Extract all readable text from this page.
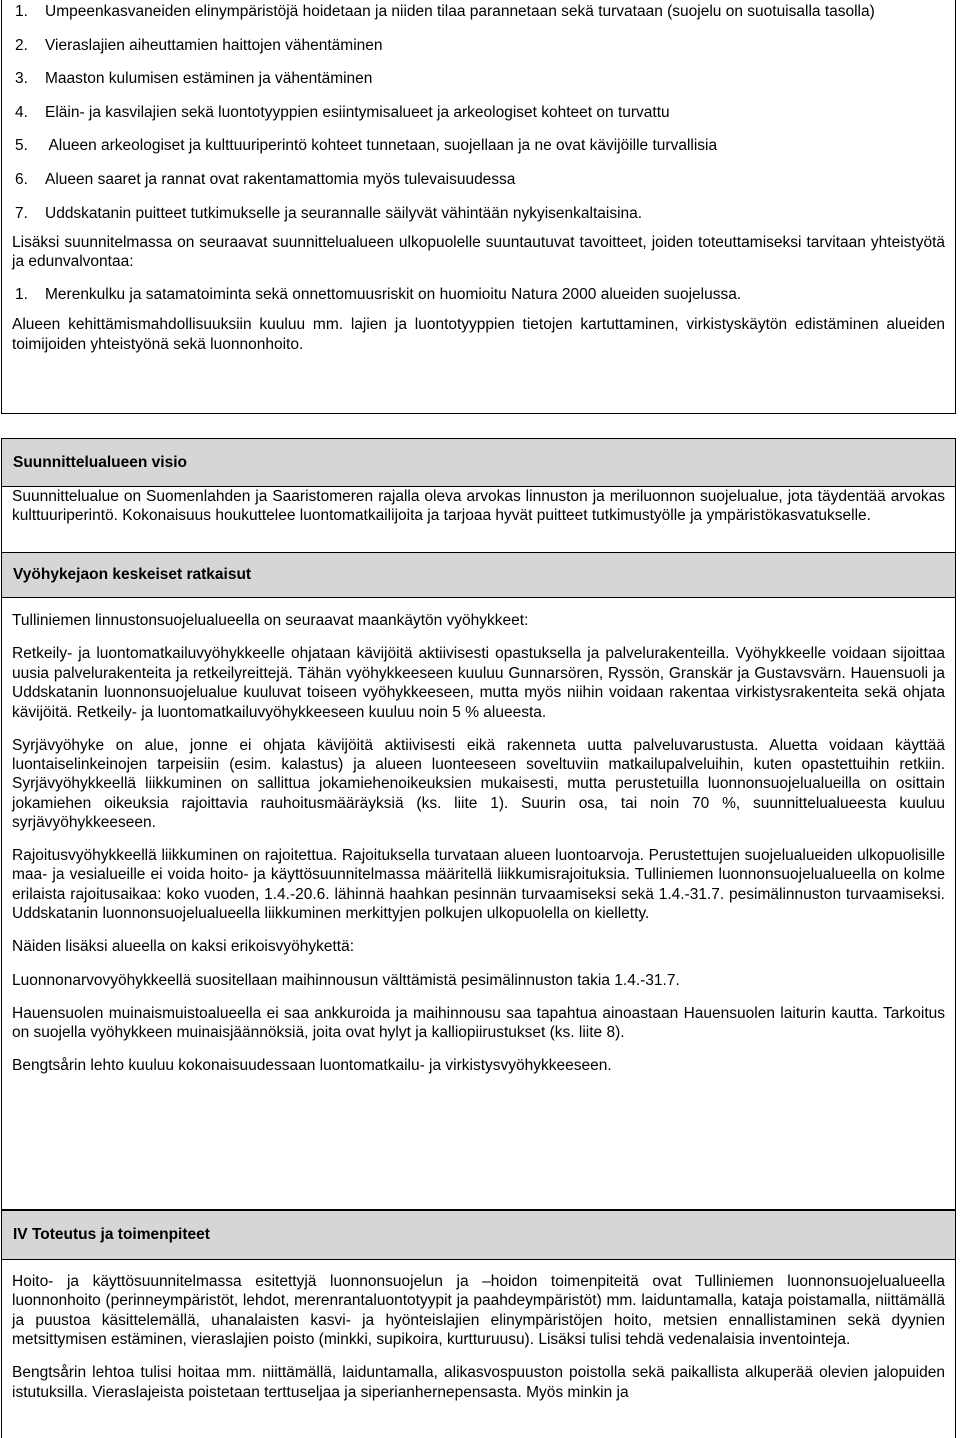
1.	Umpeenkasvaneiden elinympäristöjä hoidetaan ja niiden tilaa parannetaan sekä turvataan (suojelu on suotuisalla tasolla)
2.	Vieraslajien aiheuttamien haittojen vähentäminen
3.	Maaston kulumisen estäminen ja vähentäminen
4.	Eläin- ja kasvilajien sekä luontotyyppien esiintymisalueet ja arkeologiset kohteet on turvattu
5.	Alueen arkeologiset ja kulttuuriperintö kohteet tunnetaan, suojellaan ja ne ovat kävijöille turvallisia
6.	Alueen saaret ja rannat ovat rakentamattomia myös tulevaisuudessa
7.	Uddskatanin puitteet tutkimukselle ja seurannalle säilyvät vähintään nykyisenkaltaisina.

Lisäksi suunnitelmassa on seuraavat suunnittelualueen ulkopuolelle suuntautuvat tavoitteet, joiden toteuttamiseksi tarvitaan yhteistyötä ja edunvalvontaa:

1.	Merenkulku ja satamatoiminta sekä onnettomuusriskit on huomioitu Natura 2000 alueiden suojelussa.

Alueen kehittämismahdollisuuksiin kuuluu mm. lajien ja luontotyyppien tietojen kartuttaminen, virkistyskäytön edistäminen alueiden toimijoiden yhteistyönä sekä luonnonhoito.

Suunnittelualueen visio

Suunnittelualue on Suomenlahden ja Saaristomeren rajalla oleva arvokas linnuston ja meriluonnon suojelualue, jota täydentää arvokas kulttuuriperintö. Kokonaisuus houkuttelee luontomatkailijoita ja tarjoaa hyvät puitteet tutkimustyölle ja ympäristökasvatukselle.

Vyöhykejaon keskeiset ratkaisut

Tulliniemen linnustonsuojelualueella on seuraavat maankäytön vyöhykkeet:

Retkeily- ja luontomatkailuvyöhykkeelle ohjataan kävijöitä aktiivisesti opastuksella ja palvelurakenteilla. Vyöhykkeelle voidaan sijoittaa uusia palvelurakenteita ja retkeilyreittejä. Tähän vyöhykkeeseen kuuluu Gunnarsören, Ryssön, Granskär ja Gustavsvärn. Hauensuoli ja Uddskatanin luonnonsuojelualue kuuluvat toiseen vyöhykkeeseen, mutta myös niihin voidaan rakentaa virkistysrakenteita sekä ohjata kävijöitä. Retkeily- ja luontomatkailuvyöhykkeeseen kuuluu noin 5 % alueesta.

Syrjävyöhyke on alue, jonne ei ohjata kävijöitä aktiivisesti eikä rakenneta uutta palveluvarustusta. Aluetta voidaan käyttää luontaiselinkeinojen tarpeisiin (esim. kalastus) ja alueen luonteeseen soveltuviin matkailupalveluihin, kuten opastettuihin retkiin. Syrjävyöhykkeellä liikkuminen on sallittua jokamiehenoikeuksien mukaisesti, mutta perustetuilla luonnonsuojelualueilla on osittain jokamiehen oikeuksia rajoittavia rauhoitusmääräyksiä (ks. liite 1). Suurin osa, tai noin 70 %, suunnittelualueesta kuuluu syrjävyöhykkeeseen.

Rajoitusvyöhykkeellä liikkuminen on rajoitettua. Rajoituksella turvataan alueen luontoarvoja. Perustettujen suojelualueiden ulkopuolisille maa- ja vesialueille ei voida hoito- ja käyttösuunnitelmassa määritellä liikkumisrajoituksia. Tulliniemen luonnonsuojelualueella on kolme erilaista rajoitusaikaa: koko vuoden, 1.4.-20.6. lähinnä haahkan pesinnän turvaamiseksi sekä 1.4.-31.7. pesimälinnuston turvaamiseksi. Uddskatanin luonnonsuojelualueella liikkuminen merkittyjen polkujen ulkopuolella on kielletty.

Näiden lisäksi alueella on kaksi erikoisvyöhykettä:

Luonnonarvovyöhykkeellä suositellaan maihinnousun välttämistä pesimälinnuston takia 1.4.-31.7.

Hauensuolen muinaismuistoalueella ei saa ankkuroida ja maihinnousu saa tapahtua ainoastaan Hauensuolen laiturin kautta. Tarkoitus on suojella vyöhykkeen muinaisjäännöksiä, joita ovat hylyt ja kalliopiirustukset (ks. liite 8).

Bengtsårin lehto kuuluu kokonaisuudessaan luontomatkailu- ja virkistysvyöhykkeeseen.

IV Toteutus ja toimenpiteet

Hoito- ja käyttösuunnitelmassa esitettyjä luonnonsuojelun ja –hoidon toimenpiteitä ovat Tulliniemen luonnonsuojelualueella luonnonhoito (perinneympäristöt, lehdot, merenrantaluontotyypit ja paahdeympäristöt) mm. laiduntamalla, kataja poistamalla, niittämällä ja puustoa käsittelemällä, uhanalaisten kasvi- ja hyönteislajien elinympäristöjen hoito, metsien ennallistaminen sekä dyynien metsittymisen estäminen, vieraslajien poisto (minkki, supikoira, kurtturuusu). Lisäksi tulisi tehdä vedenalaisia inventointeja.

Bengtsårin lehtoa tulisi hoitaa mm. niittämällä, laiduntamalla, alikasvospuuston poistolla sekä paikallista alkuperää olevien jalopuiden istutuksilla. Vieraslajeista poistetaan terttuseljaa ja siperianhernepensasta. Myös minkin ja
